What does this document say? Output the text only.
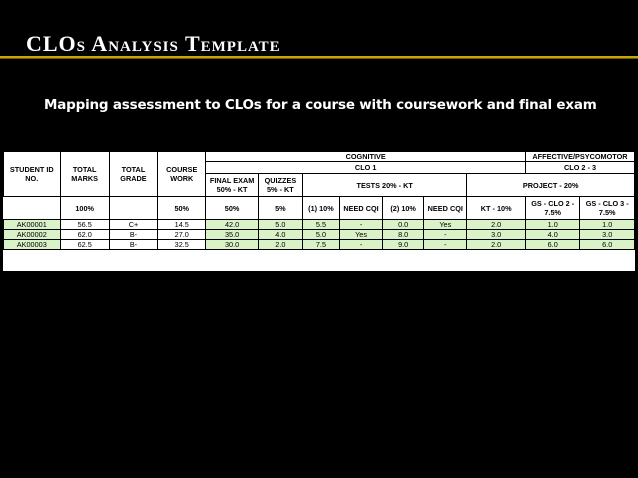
CLOs Analysis Template
Mapping assessment to CLOs for a course with coursework and final exam
STUDENT ID NO.	TOTAL MARKS	TOTAL GRADE	COURSE WORK	COGNITIVE							AFFECTIVE/PSYCOMOTOR	
				CLO 1							CLO 2 - 3	
				FINAL EXAM 50% - KT	QUIZZES 5% - KT	TESTS 20% - KT				PROJECT - 20%		
	100%		50%	50%	5%	(1) 10%	NEED CQI	(2) 10%	NEED CQI	KT - 10%	GS - CLO 2 - 7.5%	GS - CLO 3 - 7.5%
AK00001	56.5	C+	14.5	42.0	5.0	5.5	-	0.0	Yes	2.0	1.0	1.0
AK00002	62.0	B-	27.0	35.0	4.0	5.0	Yes	8.0	-	3.0	4.0	3.0
AK00003	62.5	B-	32.5	30.0	2.0	7.5	-	9.0	-	2.0	6.0	6.0
